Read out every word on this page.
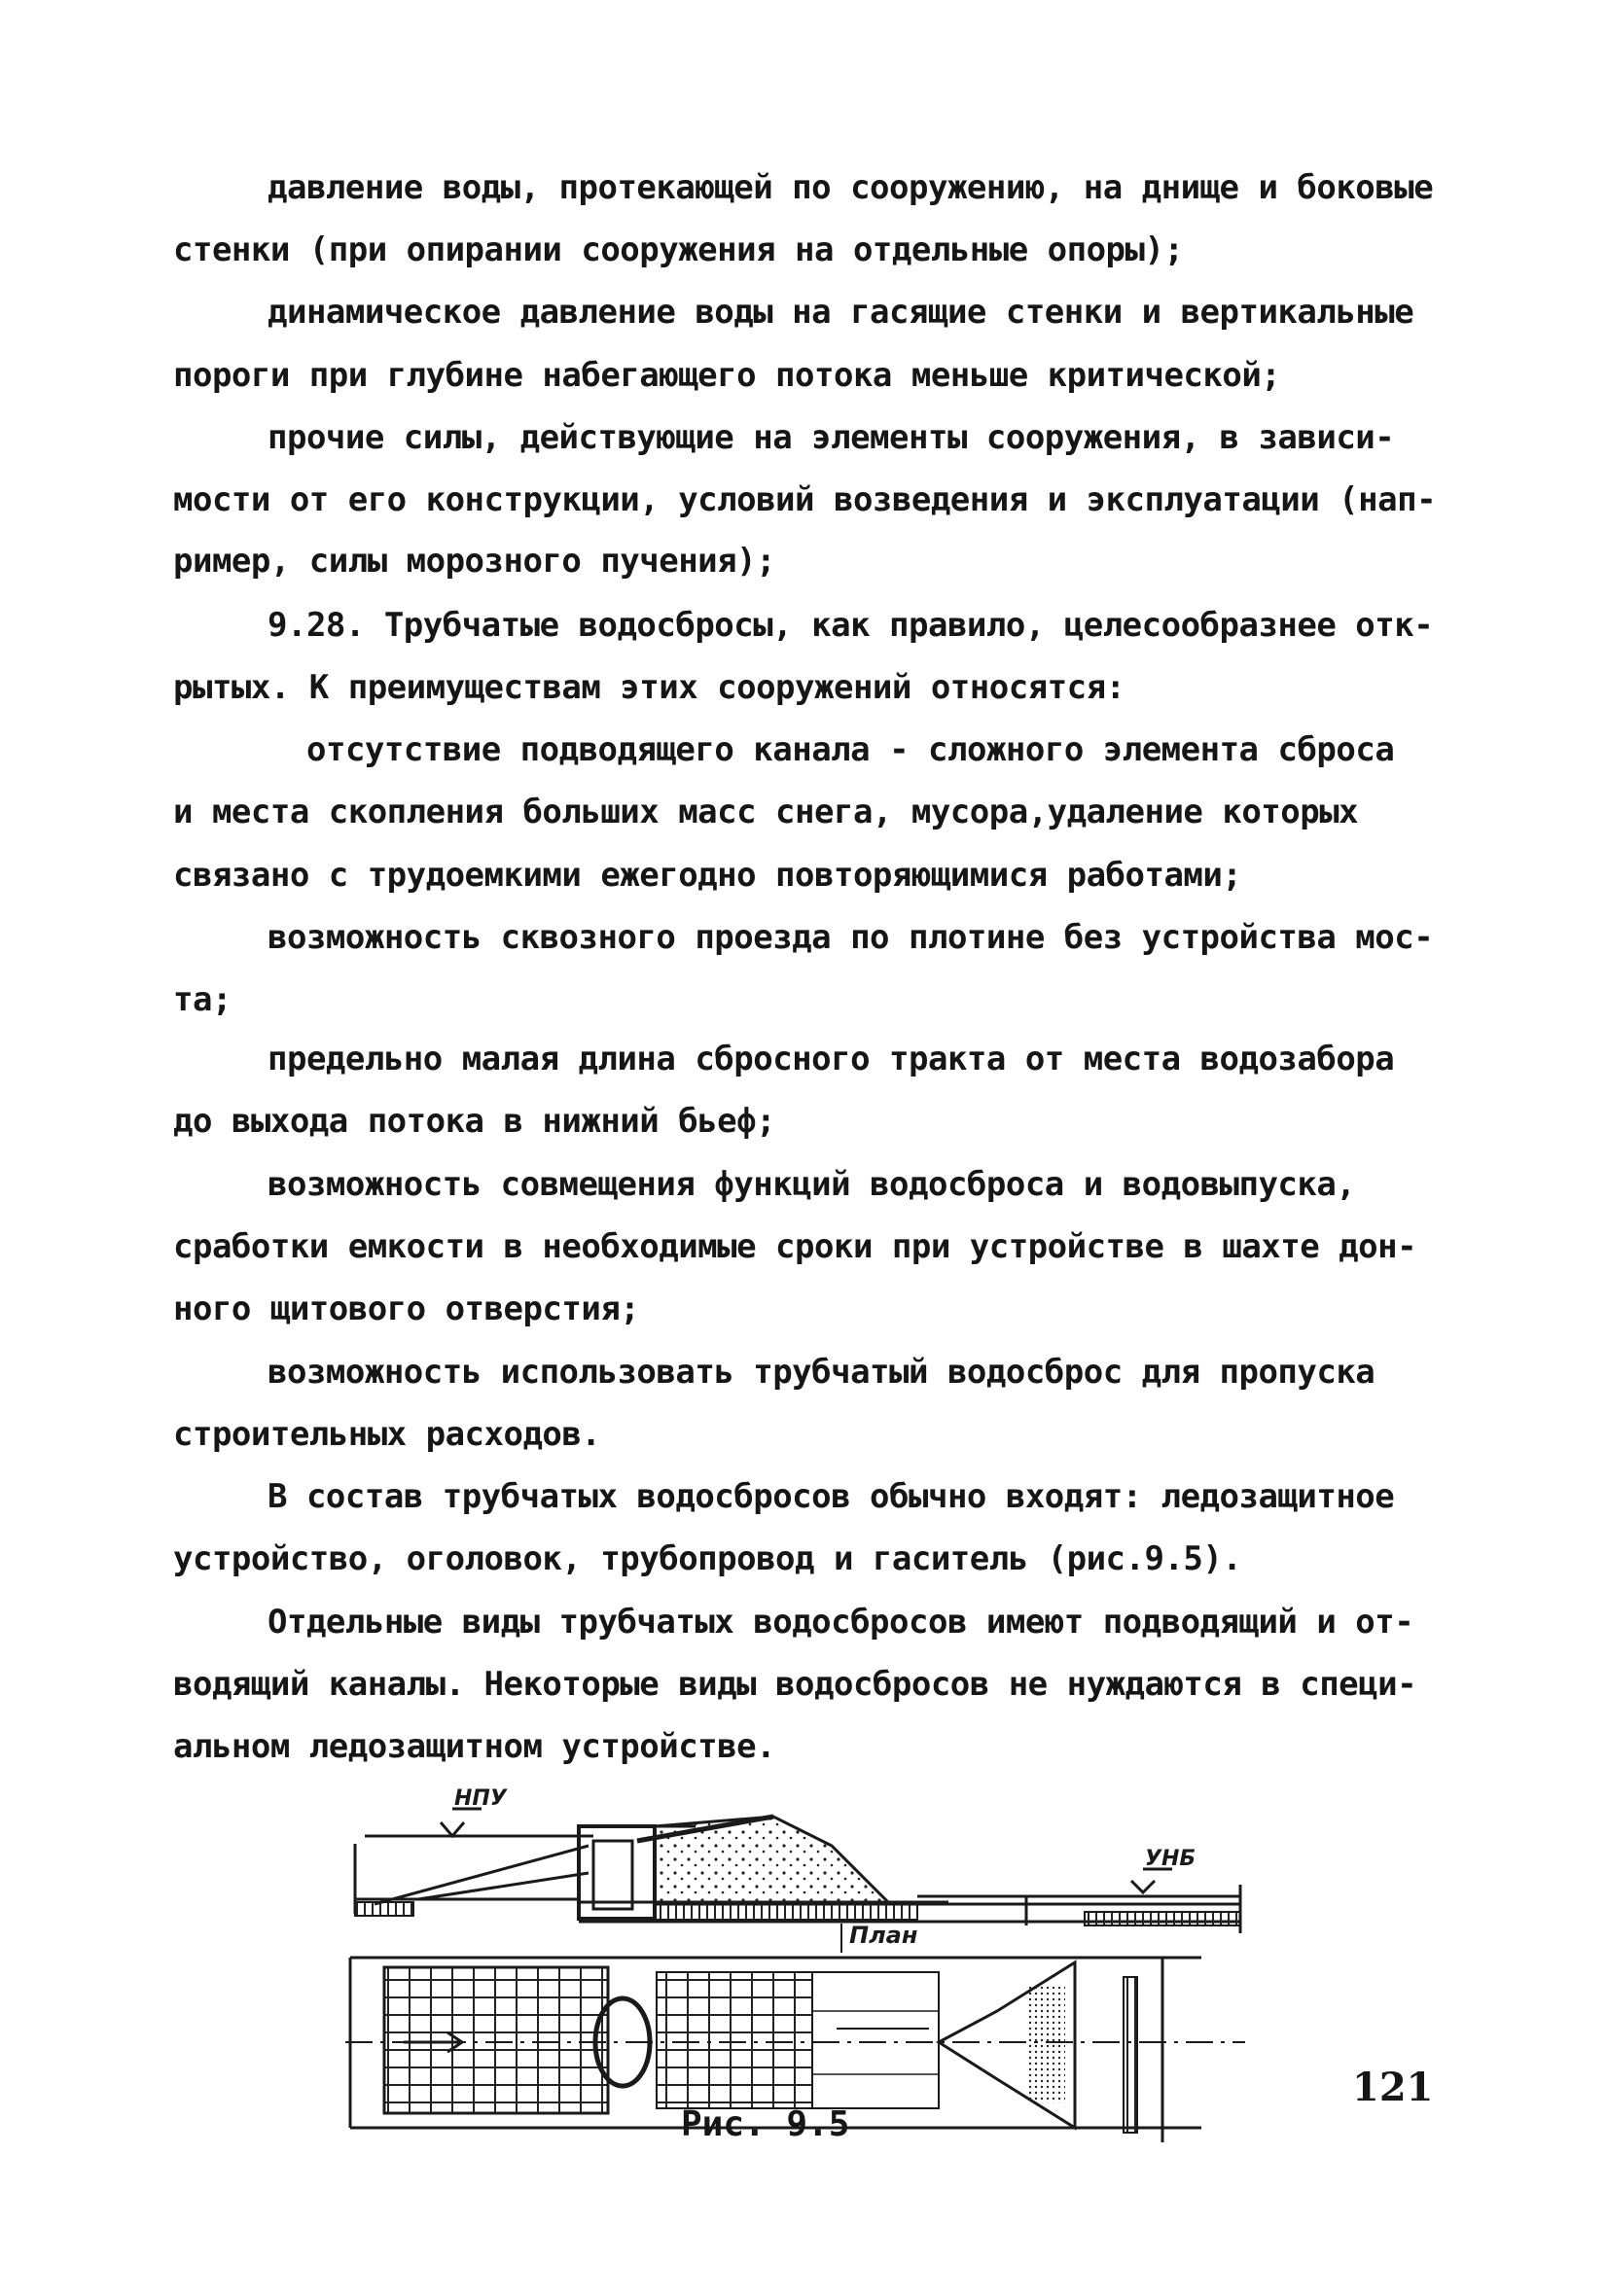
давление воды, протекающей по сооружению, на днище и боковые
стенки (при опирании сооружения на отдельные опоры);
динамическое давление воды на гасящие стенки и вертикальные
пороги при глубине набегающего потока меньше критической;
прочие силы, действующие на элементы сооружения, в зависи-
мости от его конструкции, условий возведения и эксплуатации (нап-
ример, силы морозного пучения);
9.28. Трубчатые водосбросы, как правило, целесообразнее отк-
рытых. К преимуществам этих сооружений относятся:
отсутствие подводящего канала - сложного элемента сброса
и места скопления больших масс снега, мусора,удаление которых
связано с трудоемкими ежегодно повторяющимися работами;
возможность сквозного проезда по плотине без устройства мос-
та;
предельно малая длина сбросного тракта от места водозабора
до выхода потока в нижний бьеф;
возможность совмещения функций водосброса и водовыпуска,
сработки емкости в необходимые сроки при устройстве в шахте дон-
ного щитового отверстия;
возможность использовать трубчатый водосброс для пропуска
строительных расходов.
В состав трубчатых водосбросов обычно входят: ледозащитное
устройство, оголовок, трубопровод и гаситель (рис.9.5).
Отдельные виды трубчатых водосбросов имеют подводящий и от-
водящий каналы. Некоторые виды водосбросов не нуждаются в специ-
альном ледозащитном устройстве.
НПУ
УНБ
План
Рис. 9.5
121
